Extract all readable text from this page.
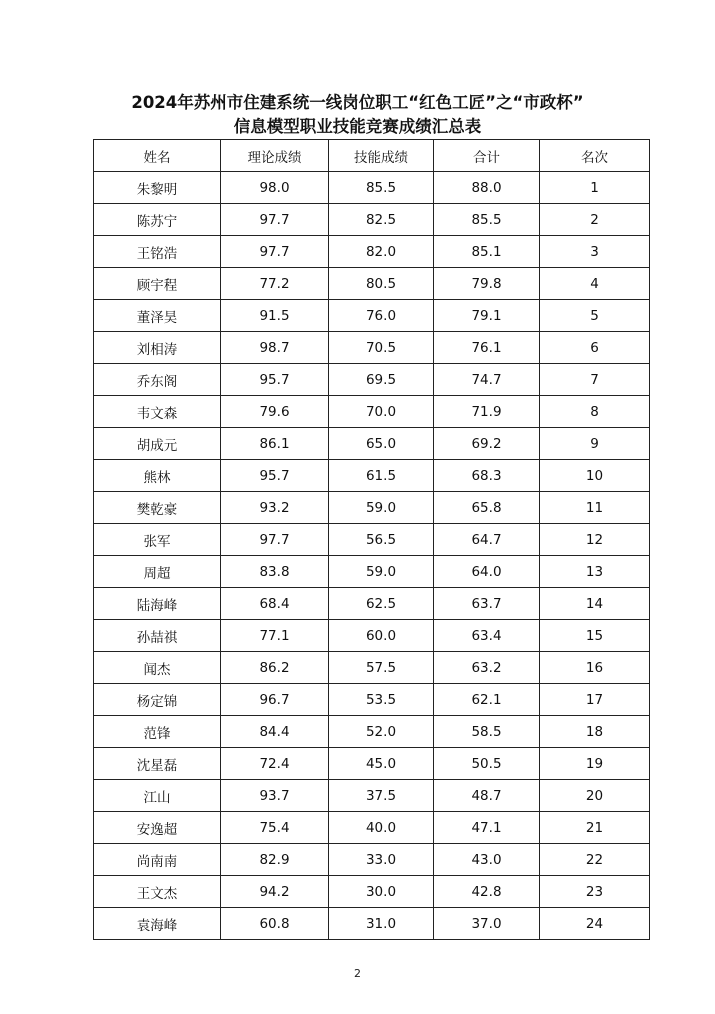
2024年苏州市住建系统一线岗位职工“红色工匠”之“市政杯”
信息模型职业技能竞赛成绩汇总表
姓名	理论成绩	技能成绩	合计	名次
朱黎明	98.0	85.5	88.0	1
陈苏宁	97.7	82.5	85.5	2
王铭浩	97.7	82.0	85.1	3
顾宇程	77.2	80.5	79.8	4
董泽昊	91.5	76.0	79.1	5
刘相涛	98.7	70.5	76.1	6
乔东阁	95.7	69.5	74.7	7
韦文森	79.6	70.0	71.9	8
胡成元	86.1	65.0	69.2	9
熊林	95.7	61.5	68.3	10
樊乾豪	93.2	59.0	65.8	11
张军	97.7	56.5	64.7	12
周超	83.8	59.0	64.0	13
陆海峰	68.4	62.5	63.7	14
孙喆祺	77.1	60.0	63.4	15
闻杰	86.2	57.5	63.2	16
杨定锦	96.7	53.5	62.1	17
范锋	84.4	52.0	58.5	18
沈星磊	72.4	45.0	50.5	19
江山	93.7	37.5	48.7	20
安逸超	75.4	40.0	47.1	21
尚南南	82.9	33.0	43.0	22
王文杰	94.2	30.0	42.8	23
袁海峰	60.8	31.0	37.0	24
2
